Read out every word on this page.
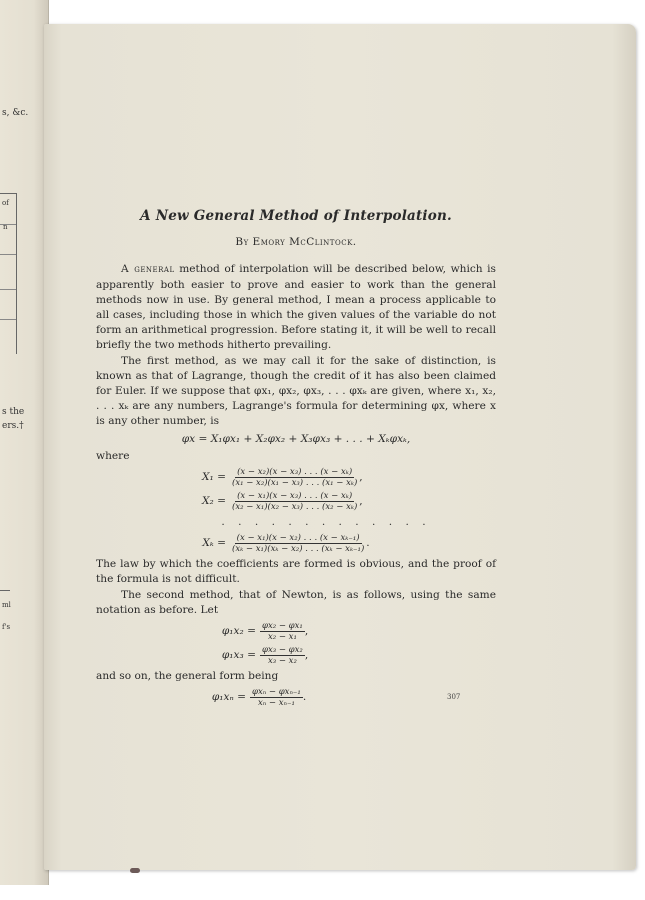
s, &c.
of
n
s the
ers.†
ml
f's
A New General Method of Interpolation.
By Emory McClintock.

A general method of interpolation will be described below, which is apparently both easier to prove and easier to work than the general methods now in use. By general method, I mean a process applicable to all cases, including those in which the given values of the variable do not form an arithmetical progression. Before stating it, it will be well to recall briefly the two methods hitherto prevailing.

The first method, as we may call it for the sake of distinction, is known as that of Lagrange, though the credit of it has also been claimed for Euler. If we suppose that φx₁, φx₂, φx₃, . . . φxₖ are given, where x₁, x₂, . . . xₖ are any numbers, Lagrange's formula for determining φx, where x is any other number, is

φx = X₁φx₁ + X₂φx₂ + X₃φx₃ + . . . + Xₖφxₖ,
where
$X_1 = \frac{\text{(x − x₂)(x − x₃) . . . (x − xₖ)}}{\text{(x₁ − x₂)(x₁ − x₃) . . . (x₁ − xₖ)}}$ ,
$X_2 = \frac{\text{(x − x₁)(x − x₃) . . . (x − xₖ)}}{\text{(x₂ − x₁)(x₂ − x₃) . . . (x₂ − xₖ)}}$ ,
. . . . . . . . . . . . .
$X_k = \frac{\text{(x − x₁)(x − x₂) . . . (x − xₖ₋₁)}}{\text{(xₖ − x₁)(xₖ − x₂) . . . (xₖ − xₖ₋₁)}}$ .

The law by which the coefficients are formed is obvious, and the proof of the formula is not difficult.

The second method, that of Newton, is as follows, using the same notation as before. Let

$\varphi_1x_2 = \frac{\text{φx₂ − φx₁}}{\text{x₂ − x₁}}$ ,
$\varphi_1x_3 = \frac{\text{φx₃ − φx₂}}{\text{x₃ − x₂}}$ ,

and so on, the general form being

$\varphi_1x_n = \frac{\text{φxₙ − φxₙ₋₁}}{\text{xₙ − xₙ₋₁}}$ .	307
